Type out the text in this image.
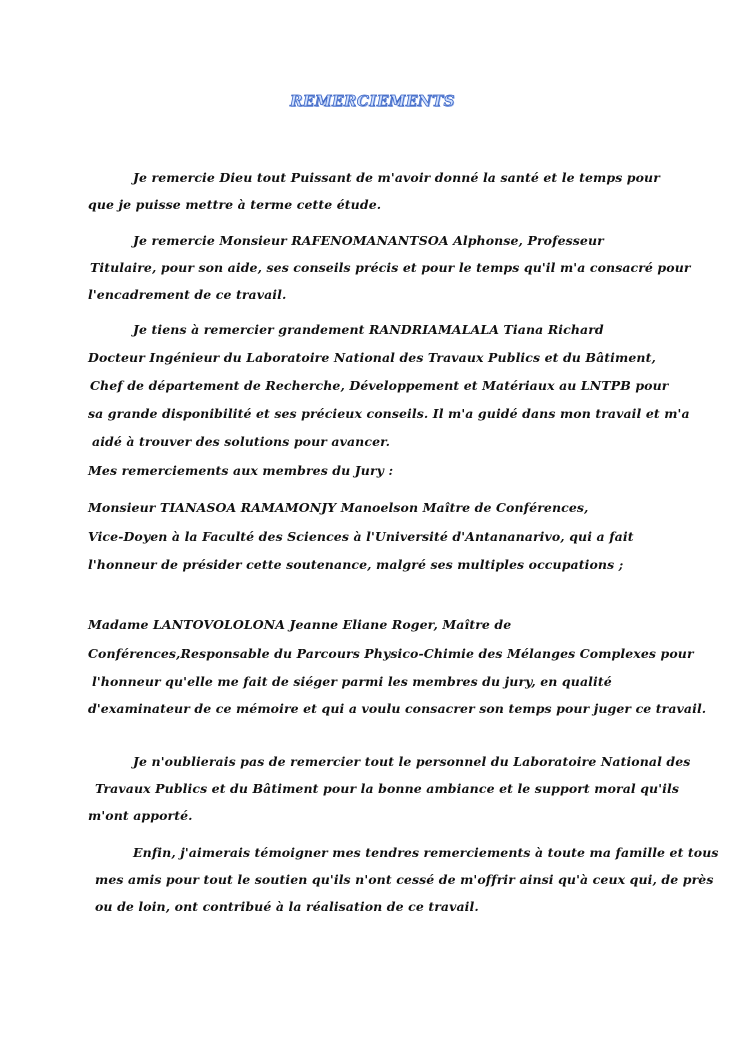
REMERCIEMENTS
Je remercie Dieu tout Puissant de m'avoir donné la santé et le temps pour
que je puisse mettre à terme cette étude.
Je remercie Monsieur RAFENOMANANTSOA Alphonse, Professeur
Titulaire, pour son aide, ses conseils précis et pour le temps qu'il m'a consacré pour
l'encadrement de ce travail.
Je tiens à remercier grandement RANDRIAMALALA Tiana Richard
Docteur Ingénieur du Laboratoire National des Travaux Publics et du Bâtiment,
Chef de département de Recherche, Développement et Matériaux au LNTPB pour
sa grande disponibilité et ses précieux conseils. Il m'a guidé dans mon travail et m'a
aidé à trouver des solutions pour avancer.
Mes remerciements aux membres du Jury :
Monsieur TIANASOA RAMAMONJY Manoelson Maître de Conférences,
Vice-Doyen à la Faculté des Sciences à l'Université d'Antananarivo, qui a fait
l'honneur de présider cette soutenance, malgré ses multiples occupations ;
Madame LANTOVOLOLONA Jeanne Eliane Roger, Maître de
Conférences,Responsable du Parcours Physico-Chimie des Mélanges Complexes pour
l'honneur qu'elle me fait de siéger parmi les membres du jury, en qualité
d'examinateur de ce mémoire et qui a voulu consacrer son temps pour juger ce travail.
Je n'oublierais pas de remercier tout le personnel du Laboratoire National des
Travaux Publics et du Bâtiment pour la bonne ambiance et le support moral qu'ils
m'ont apporté.
Enfin, j'aimerais témoigner mes tendres remerciements à toute ma famille et tous
mes amis pour tout le soutien qu'ils n'ont cessé de m'offrir ainsi qu'à ceux qui, de près
ou de loin, ont contribué à la réalisation de ce travail.
